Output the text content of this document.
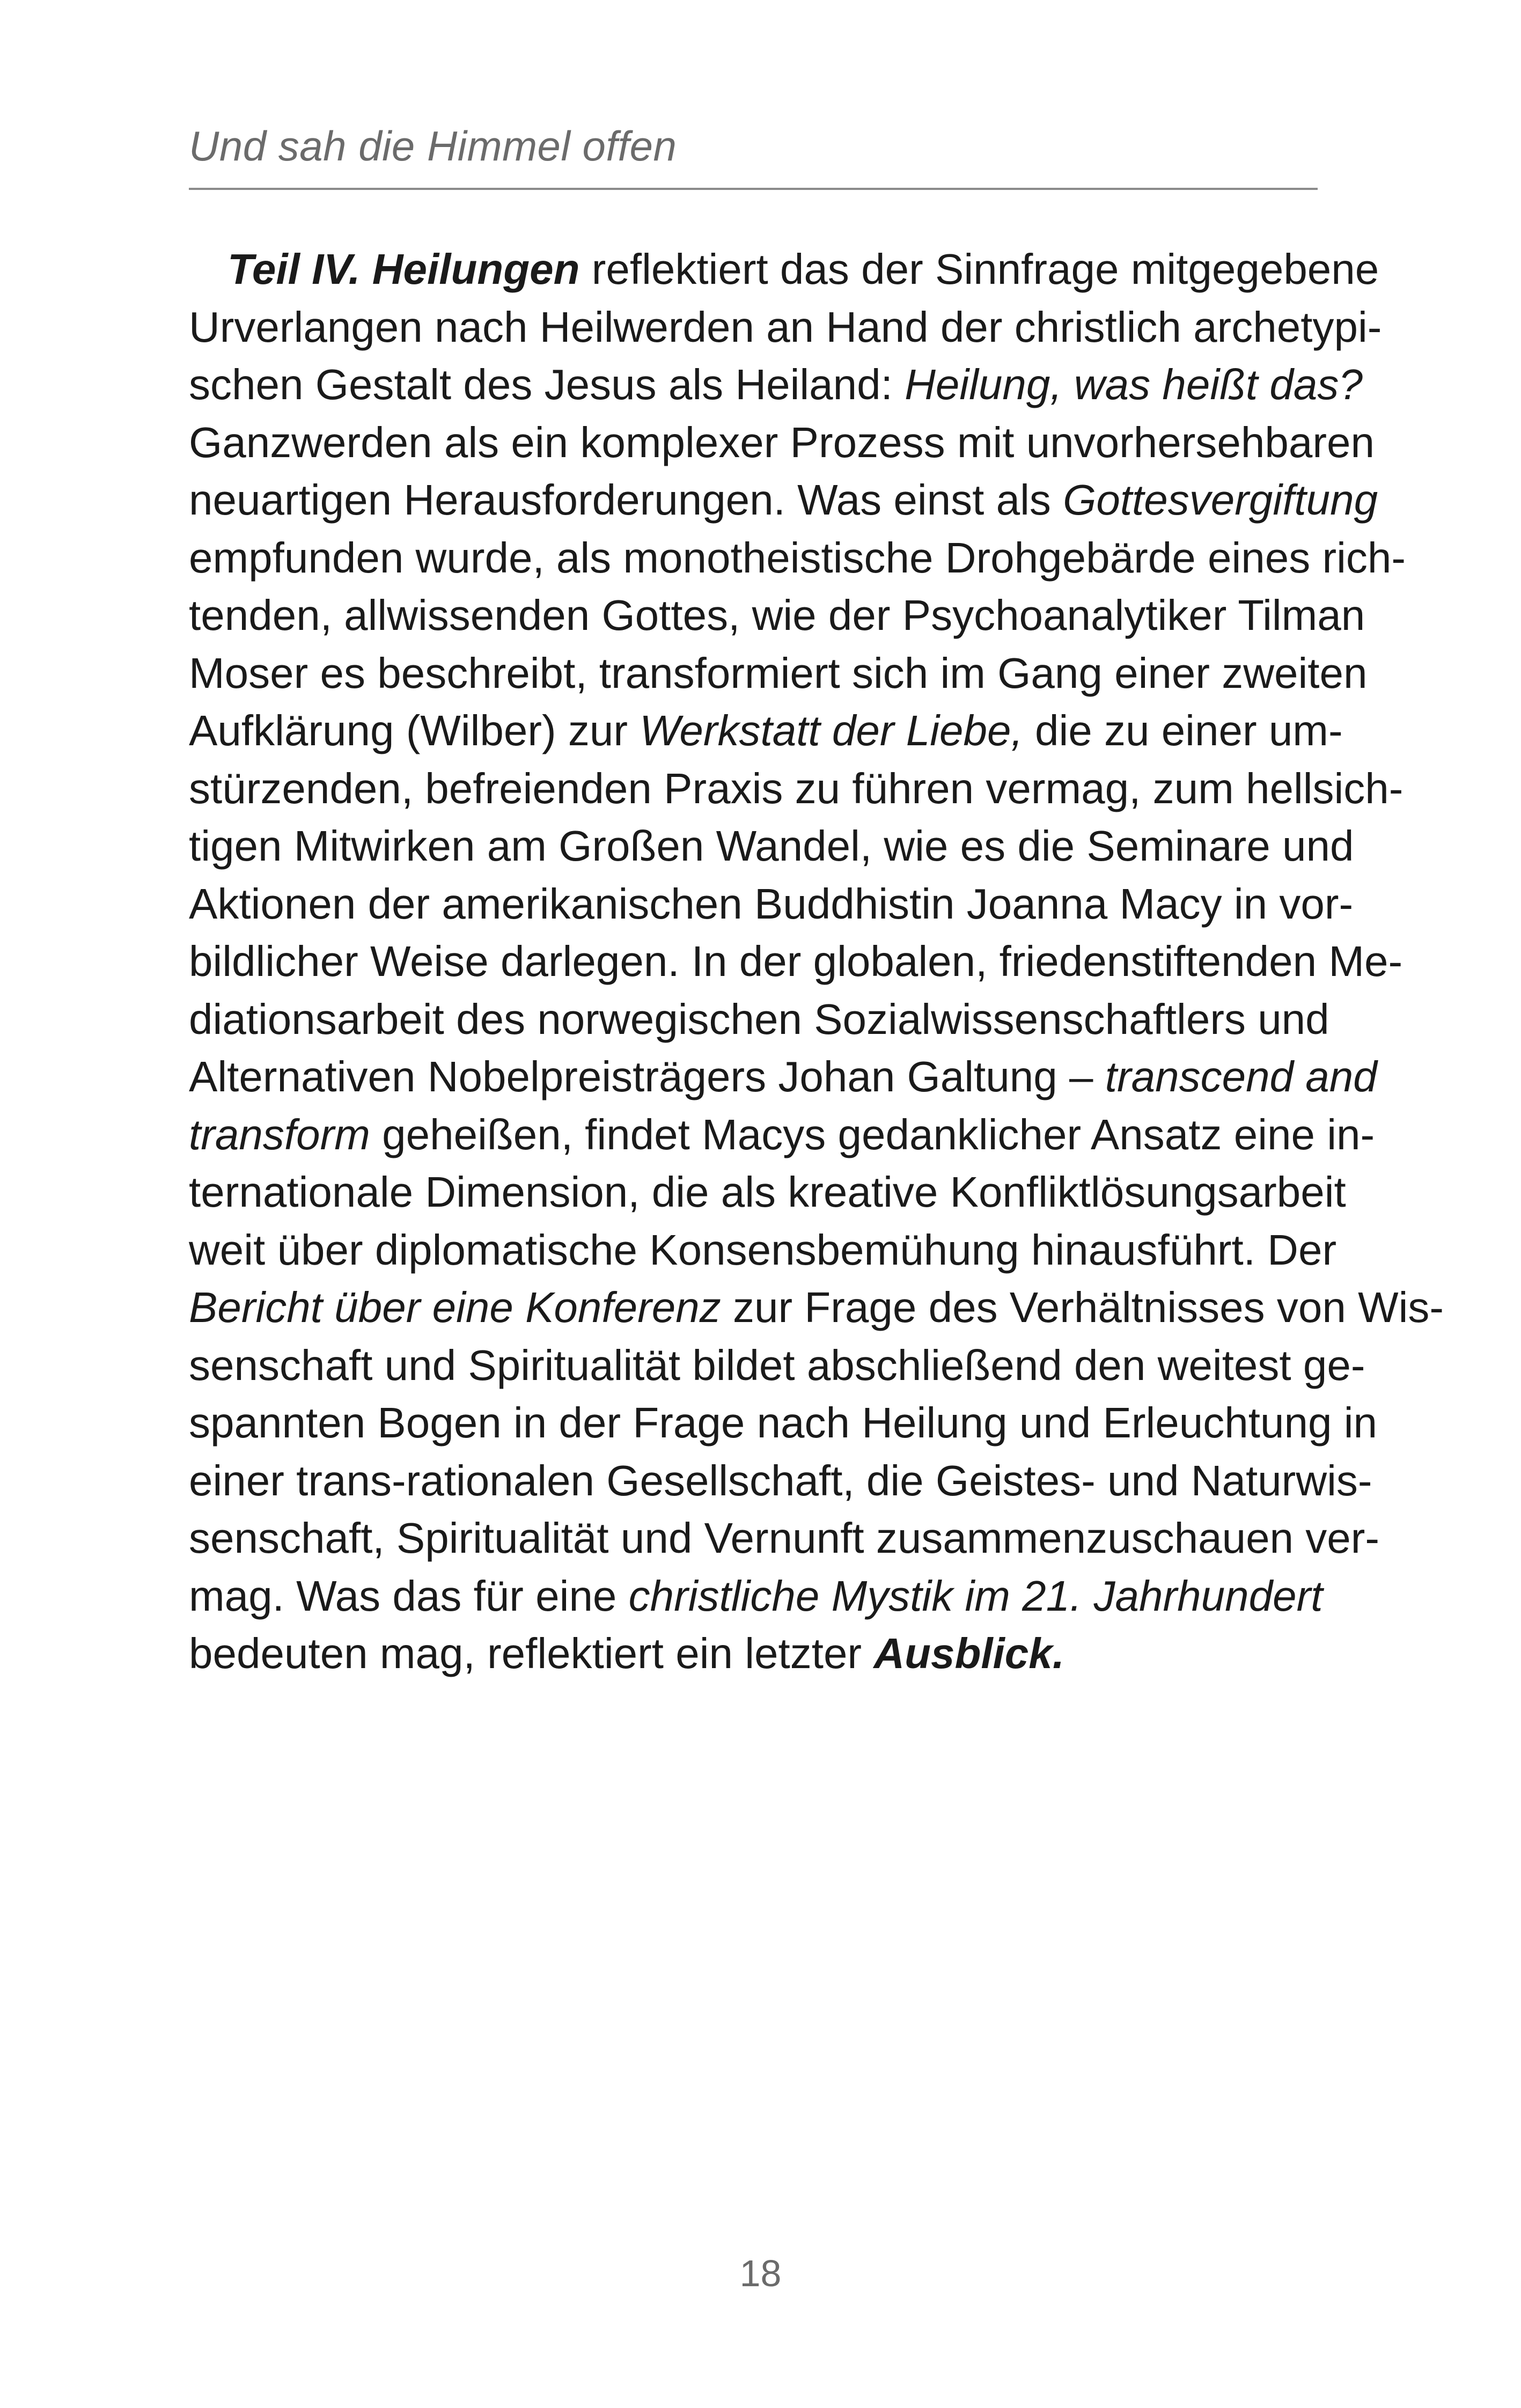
Und sah die Himmel offen
Teil IV. Heilungen reflektiert das der Sinnfrage mitgegebene
Urverlangen nach Heilwerden an Hand der christlich archetypi-
schen Gestalt des Jesus als Heiland: Heilung, was heißt das?
Ganzwerden als ein komplexer Prozess mit unvorhersehbaren
neuartigen Herausforderungen. Was einst als Gottesvergiftung
empfunden wurde, als monotheistische Drohgebärde eines rich-
tenden, allwissenden Gottes, wie der Psychoanalytiker Tilman
Moser es beschreibt, transformiert sich im Gang einer zweiten
Aufklärung (Wilber) zur Werkstatt der Liebe, die zu einer um-
stürzenden, befreienden Praxis zu führen vermag, zum hellsich-
tigen Mitwirken am Großen Wandel, wie es die Seminare und
Aktionen der amerikanischen Buddhistin Joanna Macy in vor-
bildlicher Weise darlegen. In der globalen, friedenstiftenden Me-
diationsarbeit des norwegischen Sozialwissenschaftlers und
Alternativen Nobelpreisträgers Johan Galtung – transcend and
transform geheißen, findet Macys gedanklicher Ansatz eine in-
ternationale Dimension, die als kreative Konfliktlösungsarbeit
weit über diplomatische Konsensbemühung hinausführt. Der
Bericht über eine Konferenz zur Frage des Verhältnisses von Wis-
senschaft und Spiritualität bildet abschließend den weitest ge-
spannten Bogen in der Frage nach Heilung und Erleuchtung in
einer trans-rationalen Gesellschaft, die Geistes- und Naturwis-
senschaft, Spiritualität und Vernunft zusammenzuschauen ver-
mag. Was das für eine christliche Mystik im 21. Jahrhundert
bedeuten mag, reflektiert ein letzter Ausblick.
18
